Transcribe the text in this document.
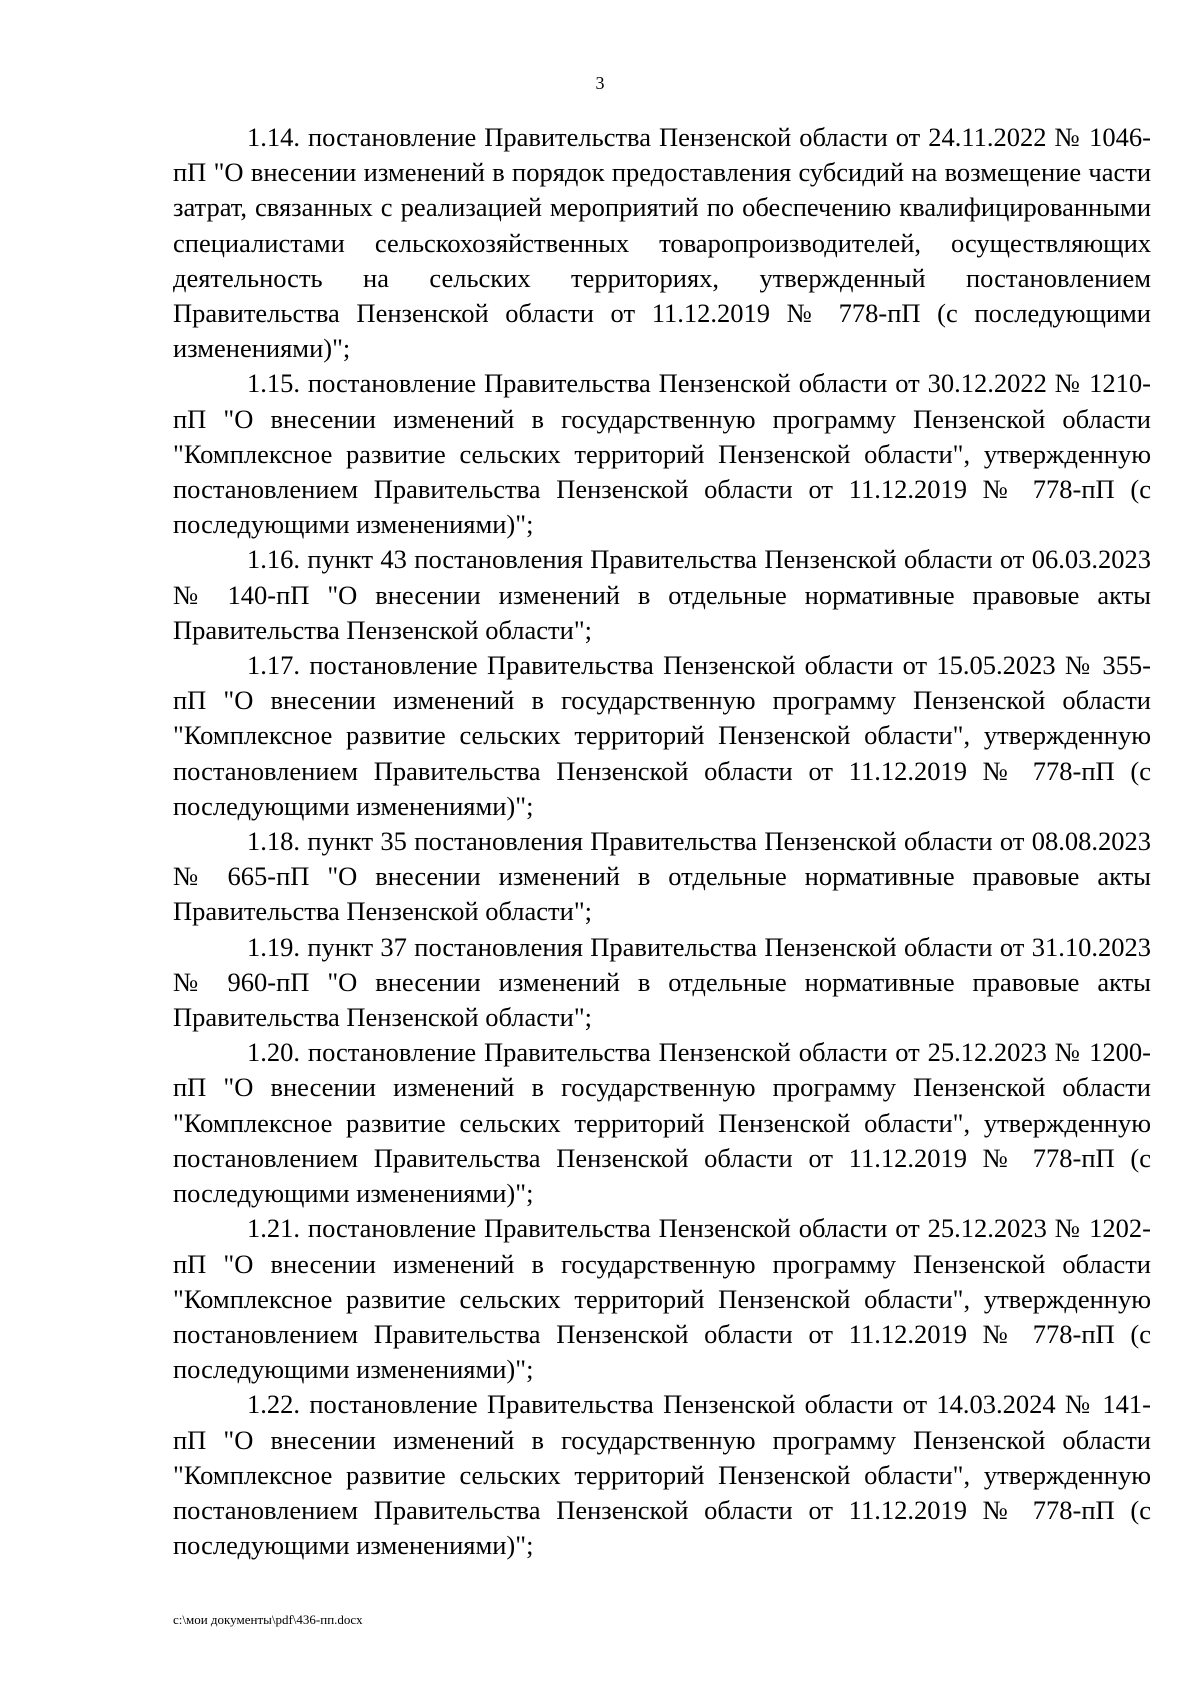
3

1.14. постановление Правительства Пензенской области от 24.11.2022 № 1046-пП "О внесении изменений в порядок предоставления субсидий на возмещение части затрат, связанных с реализацией мероприятий по обеспечению квалифицированными специалистами сельскохозяйственных товаропроизводителей, осуществляющих деятельность на сельских территориях, утвержденный постановлением Правительства Пензенской области от 11.12.2019 № 778-пП (с последующими изменениями)";

1.15. постановление Правительства Пензенской области от 30.12.2022 № 1210-пП "О внесении изменений в государственную программу Пензенской области "Комплексное развитие сельских территорий Пензенской области", утвержденную постановлением Правительства Пензенской области от 11.12.2019 № 778-пП (с последующими изменениями)";

1.16. пункт 43 постановления Правительства Пензенской области от 06.03.2023 № 140-пП "О внесении изменений в отдельные нормативные правовые акты Правительства Пензенской области";

1.17. постановление Правительства Пензенской области от 15.05.2023 № 355-пП "О внесении изменений в государственную программу Пензенской области "Комплексное развитие сельских территорий Пензенской области", утвержденную постановлением Правительства Пензенской области от 11.12.2019 № 778-пП (с последующими изменениями)";

1.18. пункт 35 постановления Правительства Пензенской области от 08.08.2023 № 665-пП "О внесении изменений в отдельные нормативные правовые акты Правительства Пензенской области";

1.19. пункт 37 постановления Правительства Пензенской области от 31.10.2023 № 960-пП "О внесении изменений в отдельные нормативные правовые акты Правительства Пензенской области";

1.20. постановление Правительства Пензенской области от 25.12.2023 № 1200-пП "О внесении изменений в государственную программу Пензенской области "Комплексное развитие сельских территорий Пензенской области", утвержденную постановлением Правительства Пензенской области от 11.12.2019 № 778-пП (с последующими изменениями)";

1.21. постановление Правительства Пензенской области от 25.12.2023 № 1202-пП "О внесении изменений в государственную программу Пензенской области "Комплексное развитие сельских территорий Пензенской области", утвержденную постановлением Правительства Пензенской области от 11.12.2019 № 778-пП (с последующими изменениями)";

1.22. постановление Правительства Пензенской области от 14.03.2024 № 141-пП "О внесении изменений в государственную программу Пензенской области "Комплексное развитие сельских территорий Пензенской области", утвержденную постановлением Правительства Пензенской области от 11.12.2019 № 778-пП (с последующими изменениями)";

c:\мои документы\pdf\436-пп.docx
